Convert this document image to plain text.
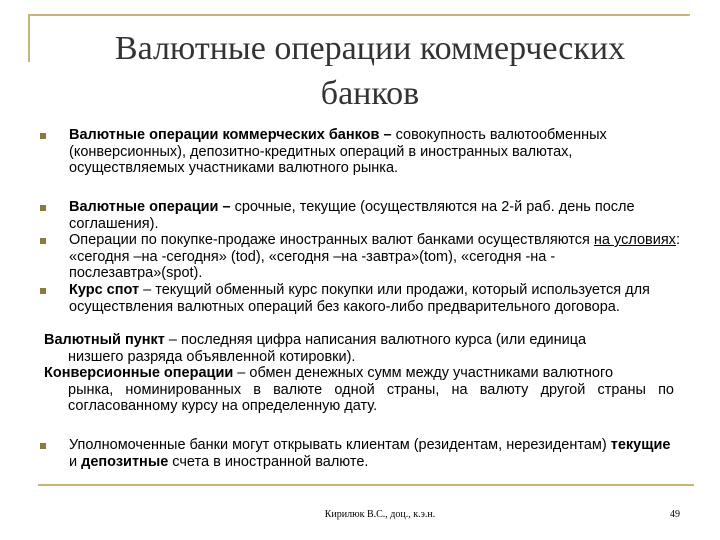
Валютные операции коммерческих
банков
Валютные операции коммерческих банков – совокупность валютообменных (конверсионных), депозитно-кредитных операций в иностранных валютах, осуществляемых участниками валютного рынка.
Валютные операции – срочные, текущие (осуществляются на 2-й раб. день после соглашения).
Операции по покупке-продаже иностранных валют банками осуществляются на условиях: «сегодня –на -сегодня» (tod), «сегодня –на -завтра»(tom), «сегодня -на - послезавтра»(spot).
Курс спот – текущий обменный курс покупки или продажи, который используется для осуществления валютных операций без какого-либо предварительного договора.
Валютный пункт – последняя цифра написания валютного курса (или единица
низшего разряда объявленной котировки).
Конверсионные операции – обмен денежных сумм между участниками валютного
рынка, номинированных в валюте одной страны, на валюту другой страны по согласованному курсу на определенную дату.
Уполномоченные банки могут открывать клиентам (резидентам, нерезидентам) текущие и депозитные счета в иностранной валюте.
Кирилюк В.С., доц., к.э.н.	49
